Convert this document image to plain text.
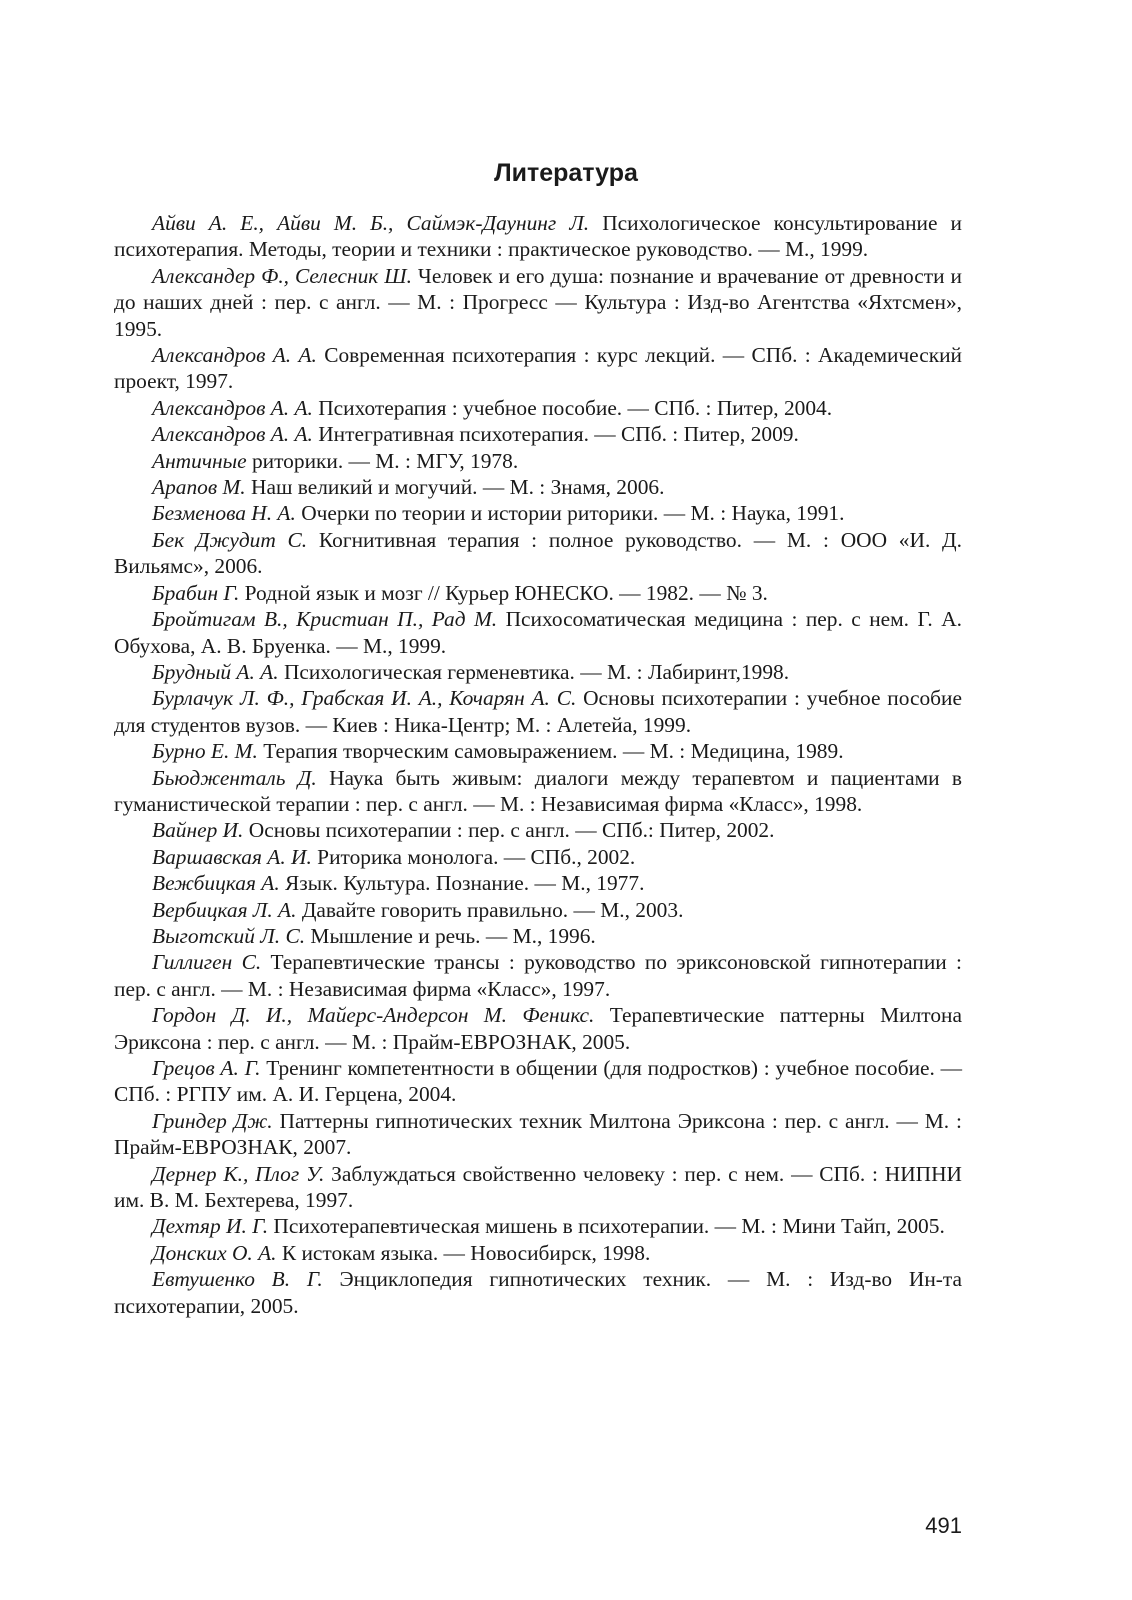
Литература

Айви А. Е., Айви М. Б., Саймэк-Даунинг Л. Психологическое консультирование и психотерапия. Методы, теории и техники : практическое руководство. — М., 1999.

Александер Ф., Селесник Ш. Человек и его душа: познание и врачевание от древности и до наших дней : пер. с англ. — М. : Прогресс — Культура : Изд-во Агентства «Яхтсмен», 1995.

Александров А. А. Современная психотерапия : курс лекций. — СПб. : Академический проект, 1997.

Александров А. А. Психотерапия : учебное пособие. — СПб. : Питер, 2004.

Александров А. А. Интегративная психотерапия. — СПб. : Питер, 2009.

Античные риторики. — М. : МГУ, 1978.

Арапов М. Наш великий и могучий. — М. : Знамя, 2006.

Безменова Н. А. Очерки по теории и истории риторики. — М. : Наука, 1991.

Бек Джудит С. Когнитивная терапия : полное руководство. — М. : ООО «И. Д. Вильямс», 2006.

Брабин Г. Родной язык и мозг // Курьер ЮНЕСКО. — 1982. — № 3.

Бройтигам В., Кристиан П., Рад М. Психосоматическая медицина : пер. с нем. Г. А. Обухова, А. В. Бруенка. — М., 1999.

Брудный А. А. Психологическая герменевтика. — М. : Лабиринт,1998.

Бурлачук Л. Ф., Грабская И. А., Кочарян А. С. Основы психотерапии : учебное пособие для студентов вузов. — Киев : Ника-Центр; М. : Алетейа, 1999.

Бурно Е. М. Терапия творческим самовыражением. — М. : Медицина, 1989.

Бьюдженталь Д. Наука быть живым: диалоги между терапевтом и пациентами в гуманистической терапии : пер. с англ. — М. : Независимая фирма «Класс», 1998.

Вайнер И. Основы психотерапии : пер. с англ. — СПб.: Питер, 2002.

Варшавская А. И. Риторика монолога. — СПб., 2002.

Вежбицкая А. Язык. Культура. Познание. — М., 1977.

Вербицкая Л. А. Давайте говорить правильно. — М., 2003.

Выготский Л. С. Мышление и речь. — М., 1996.

Гиллиген С. Терапевтические трансы : руководство по эриксоновской гипнотерапии : пер. с англ. — М. : Независимая фирма «Класс», 1997.

Гордон Д. И., Майерс-Андерсон М. Феникс. Терапевтические паттерны Милтона Эриксона : пер. с англ. — М. : Прайм-ЕВРОЗНАК, 2005.

Грецов А. Г. Тренинг компетентности в общении (для подростков) : учебное пособие. — СПб. : РГПУ им. А. И. Герцена, 2004.

Гриндер Дж. Паттерны гипнотических техник Милтона Эриксона : пер. с англ. — М. : Прайм-ЕВРОЗНАК, 2007.

Дернер К., Плог У. Заблуждаться свойственно человеку : пер. с нем. — СПб. : НИПНИ им. В. М. Бехтерева, 1997.

Дехтяр И. Г. Психотерапевтическая мишень в психотерапии. — М. : Мини Тайп, 2005.

Донских О. А. К истокам языка. — Новосибирск, 1998.

Евтушенко В. Г. Энциклопедия гипнотических техник. — М. : Изд-во Ин-та психотерапии, 2005.

491
